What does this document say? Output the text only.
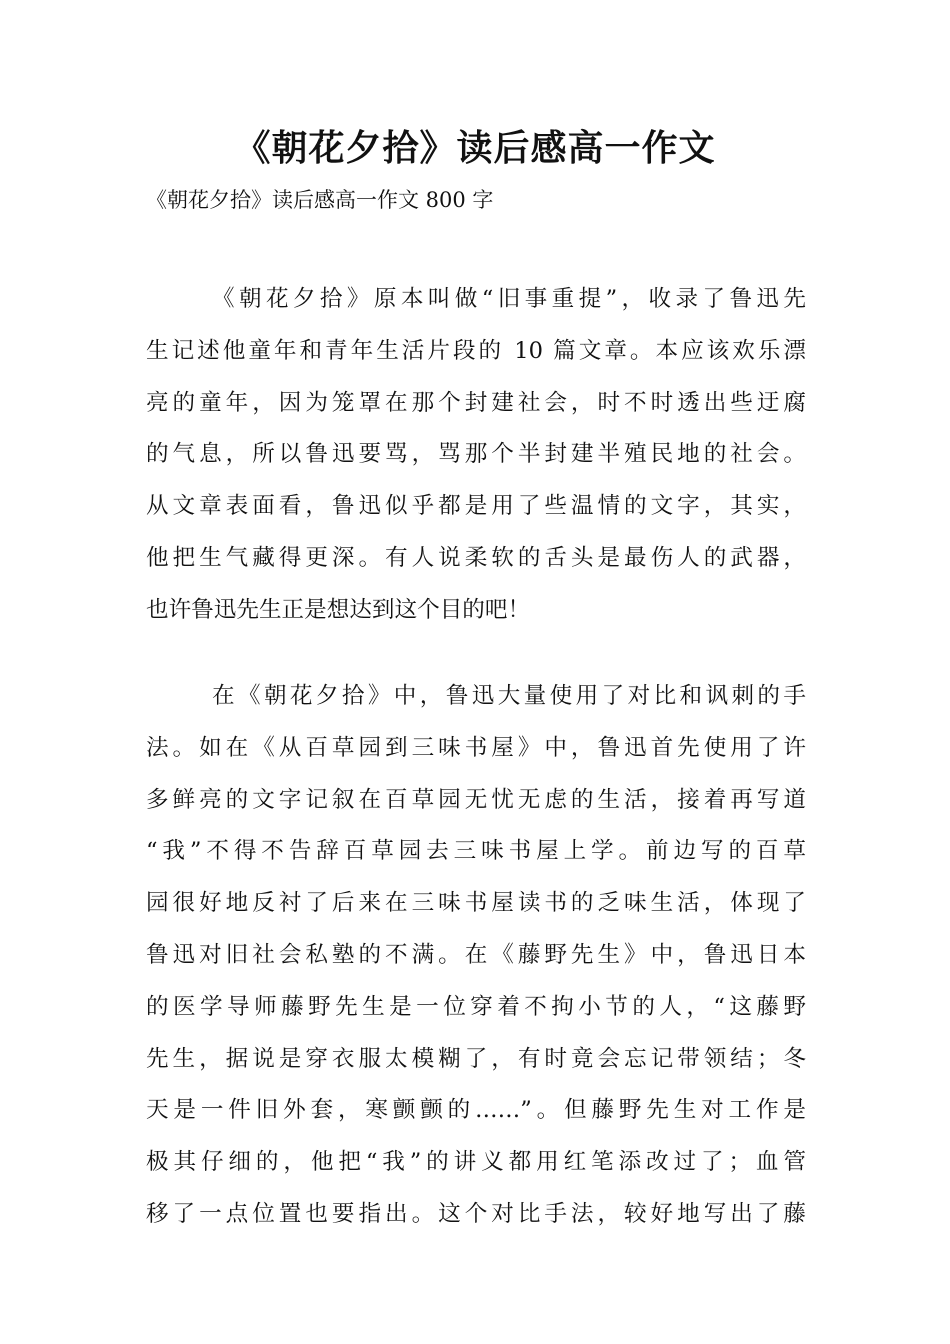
《朝花夕拾》读后感高一作文

《朝花夕拾》读后感高一作文 800 字

《朝花夕拾》原本叫做“旧事重提”，收录了鲁迅先
生记述他童年和青年生活片段的 10 篇文章。本应该欢乐漂
亮的童年，因为笼罩在那个封建社会，时不时透出些迂腐
的气息，所以鲁迅要骂，骂那个半封建半殖民地的社会。
从文章表面看，鲁迅似乎都是用了些温情的文字，其实，
他把生气藏得更深。有人说柔软的舌头是最伤人的武器，
也许鲁迅先生正是想达到这个目的吧！
在《朝花夕拾》中，鲁迅大量使用了对比和讽刺的手
法。如在《从百草园到三味书屋》中，鲁迅首先使用了许
多鲜亮的文字记叙在百草园无忧无虑的生活，接着再写道
“我”不得不告辞百草园去三味书屋上学。前边写的百草
园很好地反衬了后来在三味书屋读书的乏味生活，体现了
鲁迅对旧社会私塾的不满。在《藤野先生》中，鲁迅日本
的医学导师藤野先生是一位穿着不拘小节的人，“这藤野
先生，据说是穿衣服太模糊了，有时竟会忘记带领结；冬
天是一件旧外套，寒颤颤的……”。但藤野先生对工作是
极其仔细的，他把“我”的讲义都用红笔添改过了；血管
移了一点位置也要指出。这个对比手法，较好地写出了藤
